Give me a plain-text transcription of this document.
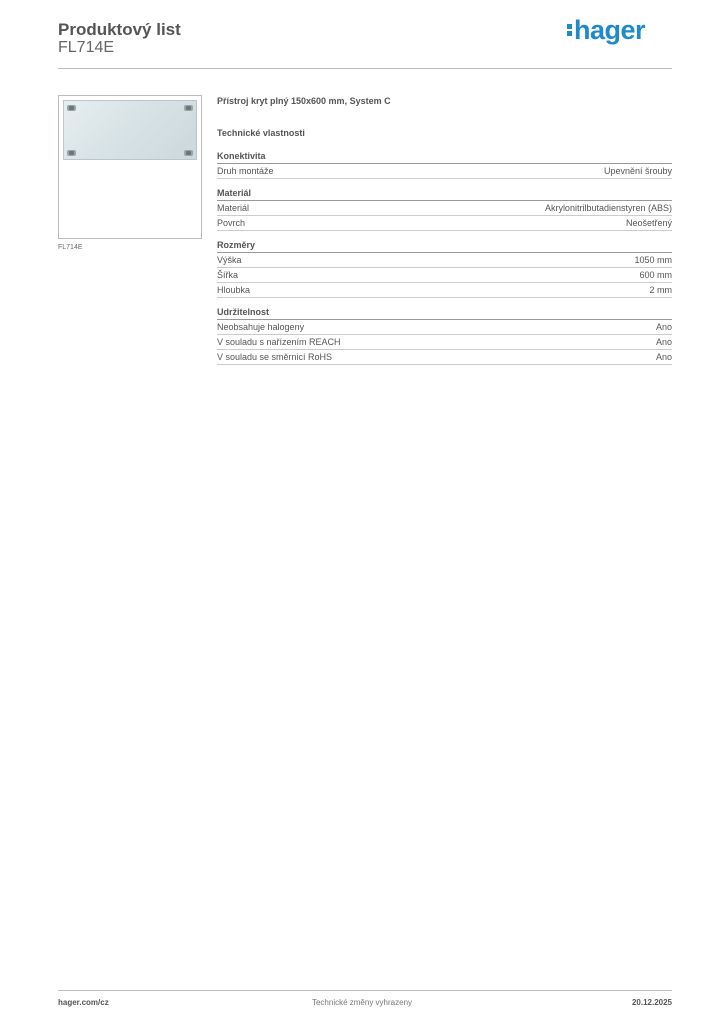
Produktový list
FL714E
hager
FL714E
Přístroj kryt plný 150x600 mm, System C
Technické vlastnosti
Konektivita
Druh montáže	Upevnění šrouby
Materiál
Materiál	Akrylonitrilbutadienstyren (ABS)
Povrch	Neošetřený
Rozměry
Výška	1050 mm
Šířka	600 mm
Hloubka	2 mm
Udržitelnost
Neobsahuje halogeny	Ano
V souladu s nařízením REACH	Ano
V souladu se směrnicí RoHS	Ano
hager.com/cz	Technické změny vyhrazeny	20.12.2025
